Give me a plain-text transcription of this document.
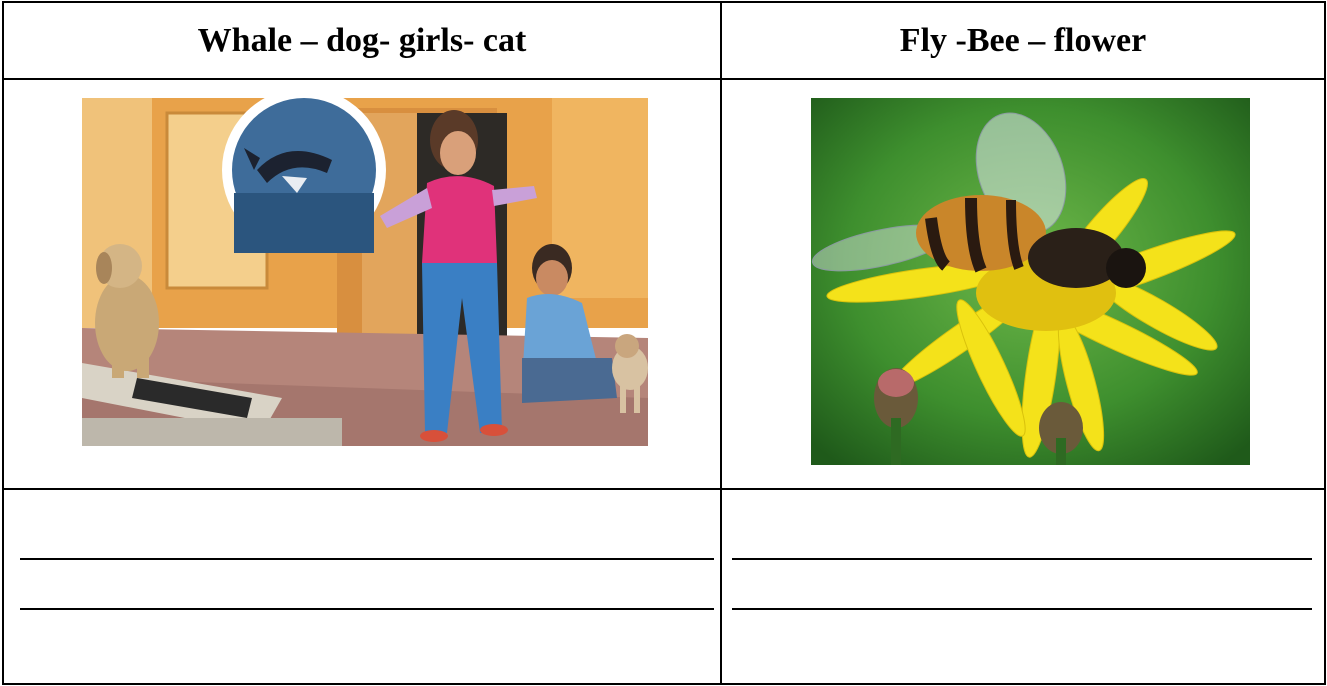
Whale – dog- girls- cat	Fly -Bee – flower
